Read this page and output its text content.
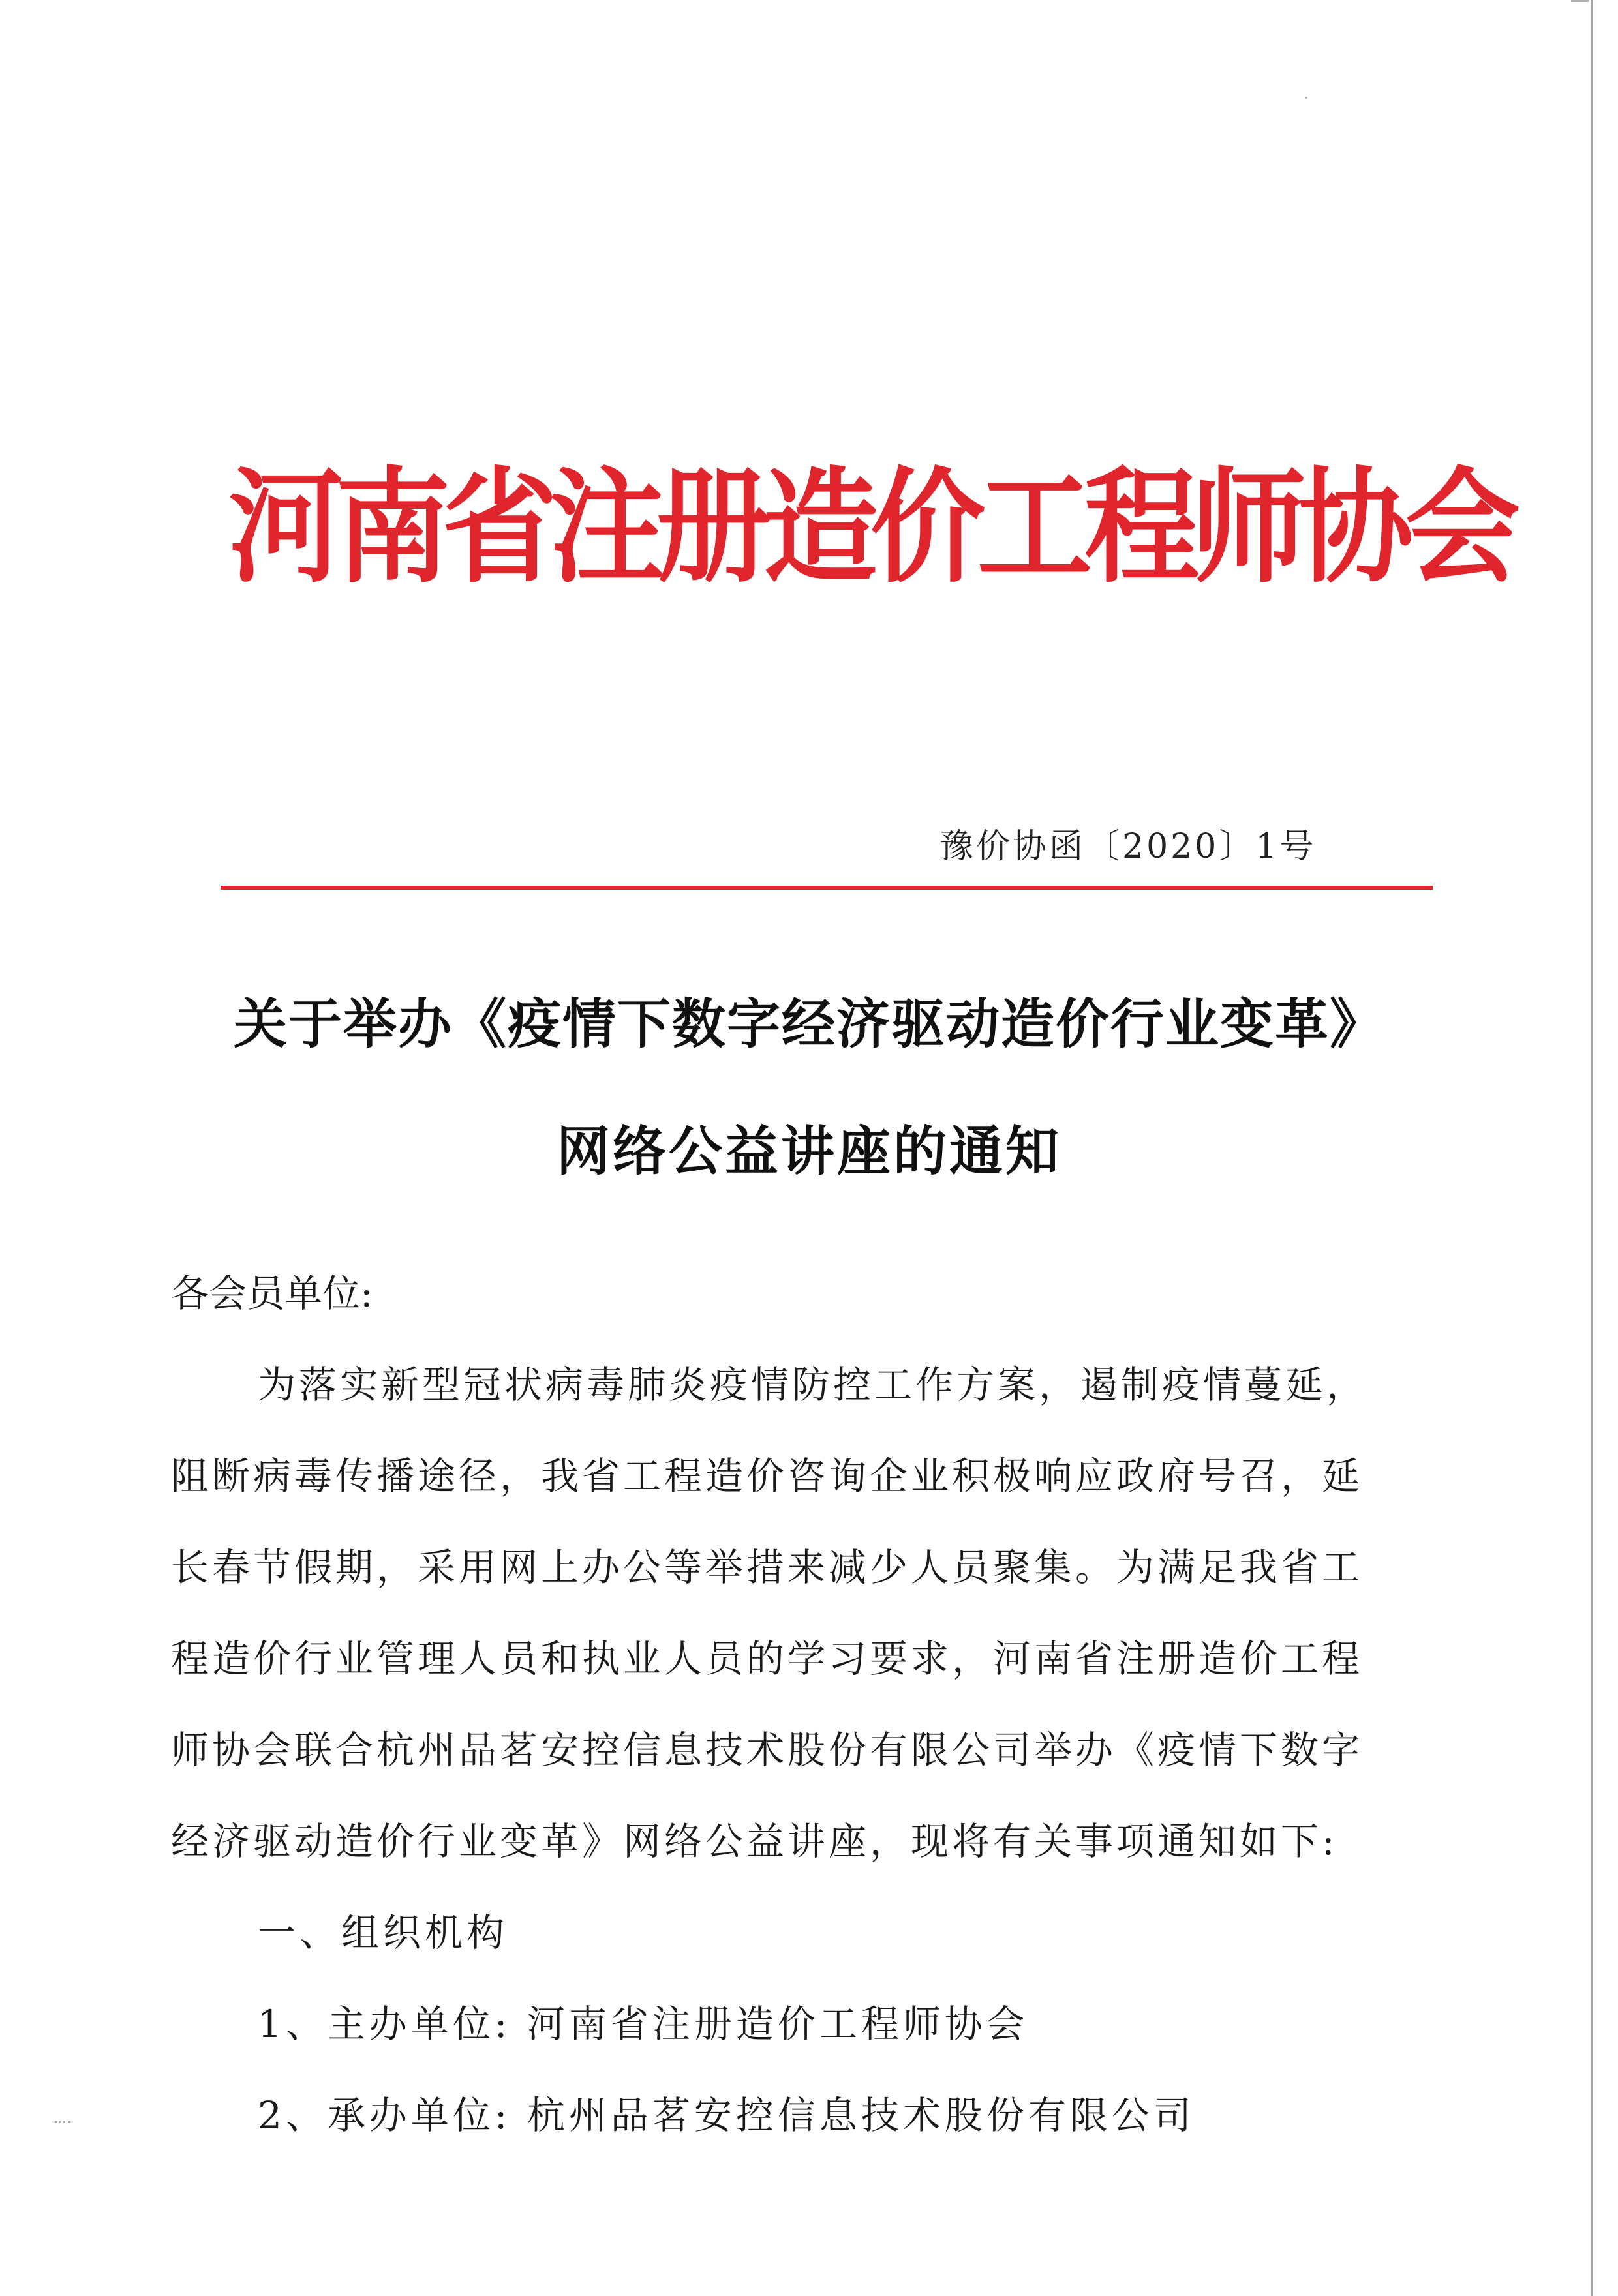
河南省注册造价工程师协会
豫价协函〔2020〕1号
关于举办《疫情下数字经济驱动造价行业变革》
网络公益讲座的通知
各会员单位:
为落实新型冠状病毒肺炎疫情防控工作方案，遏制疫情蔓延，
阻断病毒传播途径，我省工程造价咨询企业积极响应政府号召，延
长春节假期，采用网上办公等举措来减少人员聚集。为满足我省工
程造价行业管理人员和执业人员的学习要求，河南省注册造价工程
师协会联合杭州品茗安控信息技术股份有限公司举办《疫情下数字
经济驱动造价行业变革》网络公益讲座，现将有关事项通知如下:
一、组织机构
1、主办单位: 河南省注册造价工程师协会
2、承办单位: 杭州品茗安控信息技术股份有限公司
